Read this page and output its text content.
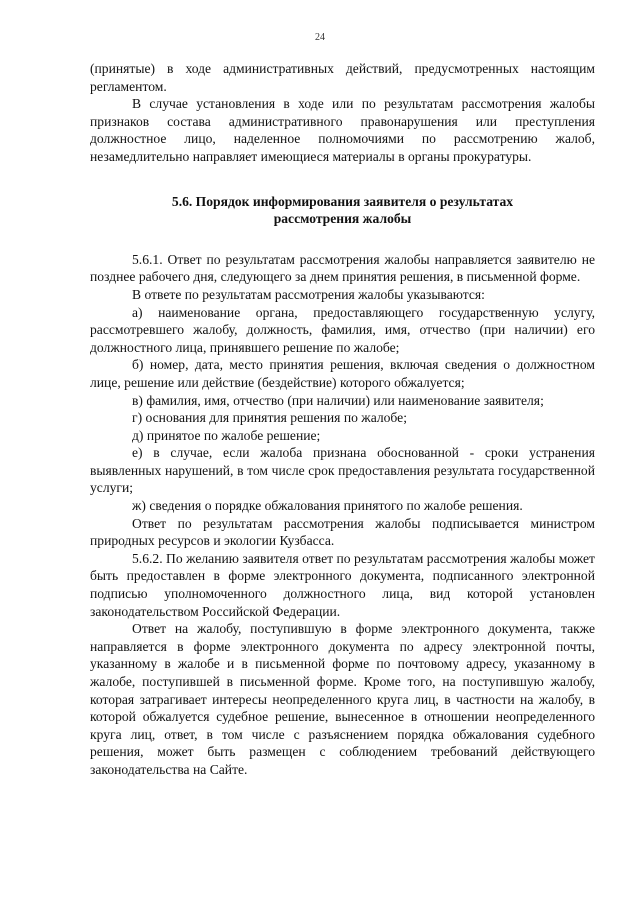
24

(принятые) в ходе административных действий, предусмотренных настоящим регламентом.

В случае установления в ходе или по результатам рассмотрения жалобы признаков состава административного правонарушения или преступления должностное лицо, наделенное полномочиями по рассмотрению жалоб, незамедлительно направляет имеющиеся материалы в органы прокуратуры.

5.6. Порядок информирования заявителя о результатах
рассмотрения жалобы

5.6.1. Ответ по результатам рассмотрения жалобы направляется заявителю не позднее рабочего дня, следующего за днем принятия решения, в письменной форме.

В ответе по результатам рассмотрения жалобы указываются:

а) наименование органа, предоставляющего государственную услугу, рассмотревшего жалобу, должность, фамилия, имя, отчество (при наличии) его должностного лица, принявшего решение по жалобе;

б) номер, дата, место принятия решения, включая сведения о должностном лице, решение или действие (бездействие) которого обжалуется;

в) фамилия, имя, отчество (при наличии) или наименование заявителя;

г) основания для принятия решения по жалобе;

д) принятое по жалобе решение;

е) в случае, если жалоба признана обоснованной - сроки устранения выявленных нарушений, в том числе срок предоставления результата государственной услуги;

ж) сведения о порядке обжалования принятого по жалобе решения.

Ответ по результатам рассмотрения жалобы подписывается министром природных ресурсов и экологии Кузбасса.

5.6.2. По желанию заявителя ответ по результатам рассмотрения жалобы может быть предоставлен в форме электронного документа, подписанного электронной подписью уполномоченного должностного лица, вид которой установлен законодательством Российской Федерации.

Ответ на жалобу, поступившую в форме электронного документа, также направляется в форме электронного документа по адресу электронной почты, указанному в жалобе и в письменной форме по почтовому адресу, указанному в жалобе, поступившей в письменной форме. Кроме того, на поступившую жалобу, которая затрагивает интересы неопределенного круга лиц, в частности на жалобу, в которой обжалуется судебное решение, вынесенное в отношении неопределенного круга лиц, ответ, в том числе с разъяснением порядка обжалования судебного решения, может быть размещен с соблюдением требований действующего законодательства на Сайте.
